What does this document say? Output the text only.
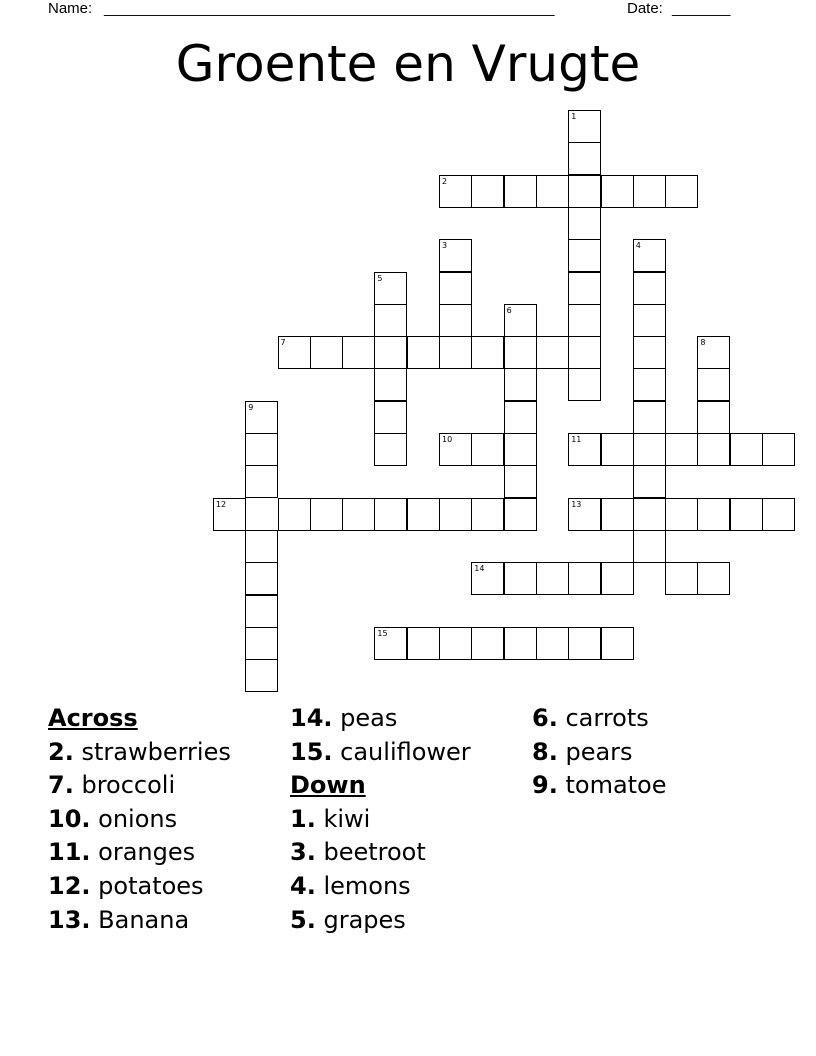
Name: ______________________________________________________	Date: _______
Groente en Vrugte
1
2
3	4
5
6
7	8
9
10	11
12	13
14
15
Across
2. strawberries
7. broccoli
10. onions
11. oranges
12. potatoes
13. Banana
14. peas
15. cauliflower
Down
1. kiwi
3. beetroot
4. lemons
5. grapes
6. carrots
8. pears
9. tomatoe
